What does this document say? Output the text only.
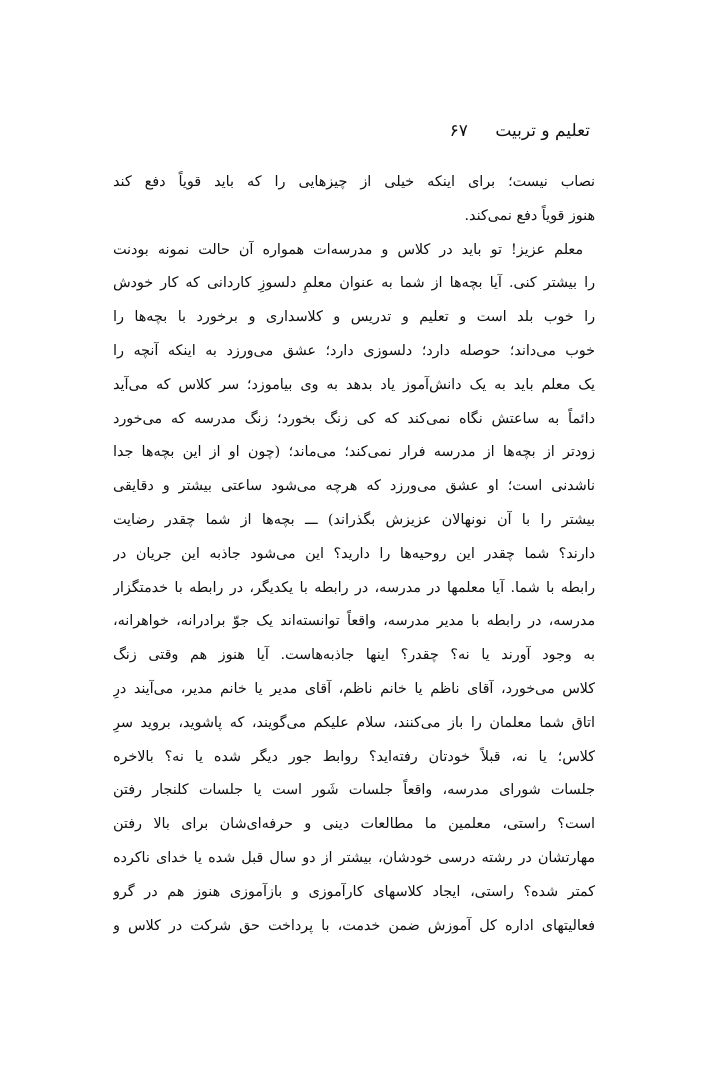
تعلیم و تربیت ۶۷
نصاب نیست؛ برای اینکه خیلی از چیزهایی را که باید قویاً دفع کند
هنوز قویاً دفع نمی‌کند.
معلم عزیز! تو باید در کلاس و مدرسه‌ات همواره آن حالت نمونه بودنت
را بیشتر کنی. آیا بچه‌ها از شما به عنوان معلمِ دلسوزِ کاردانی که کار خودش
را خوب بلد است و تعلیم و تدریس و کلاسداری و برخورد با بچه‌ها را
خوب می‌داند؛ حوصله دارد؛ دلسوزی دارد؛ عشق می‌ورزد به اینکه آنچه را
یک معلم باید به یک دانش‌آموز یاد بدهد به وی بیاموزد؛ سر کلاس که می‌آید
دائماً به ساعتش نگاه نمی‌کند که کی زنگ بخورد؛ زنگ مدرسه که می‌خورد
زودتر از بچه‌ها از مدرسه فرار نمی‌کند؛ می‌ماند؛ (چون او از این بچه‌ها جدا
ناشدنی است؛ او عشق می‌ورزد که هرچه می‌شود ساعتی بیشتر و دقایقی
بیشتر را با آن نونهالان عزیزش بگذراند) ـــ بچه‌ها از شما چقدر رضایت
دارند؟ شما چقدر این روحیه‌ها را دارید؟ این می‌شود جاذبه این جریان در
رابطه با شما. آیا معلمها در مدرسه، در رابطه با یکدیگر، در رابطه با خدمتگزار
مدرسه، در رابطه با مدیر مدرسه، واقعاً توانسته‌اند یک جوّ برادرانه، خواهرانه،
به وجود آورند یا نه؟ چقدر؟ اینها جاذبه‌هاست. آیا هنوز هم وقتی زنگ
کلاس می‌خورد، آقای ناظم یا خانم ناظم، آقای مدیر یا خانم مدیر، می‌آیند درِ
اتاق شما معلمان را باز می‌کنند، سلام علیکم می‌گویند، که پاشوید، بروید سرِ
کلاس؛ یا نه، قبلاً خودتان رفته‌اید؟ روابط جور دیگر شده یا نه؟ بالاخره
جلسات شورای مدرسه، واقعاً جلسات شَور است یا جلسات کلنجار رفتن
است؟ راستی، معلمین ما مطالعات دینی و حرفه‌ای‌شان برای بالا رفتن
مهارتشان در رشته درسی خودشان، بیشتر از دو سال قبل شده یا خدای ناکرده
کمتر شده؟ راستی، ایجاد کلاسهای کارآموزی و بازآموزی هنوز هم در گرو
فعالیتهای اداره کل آموزش ضمن خدمت، با پرداخت حق شرکت در کلاس و
